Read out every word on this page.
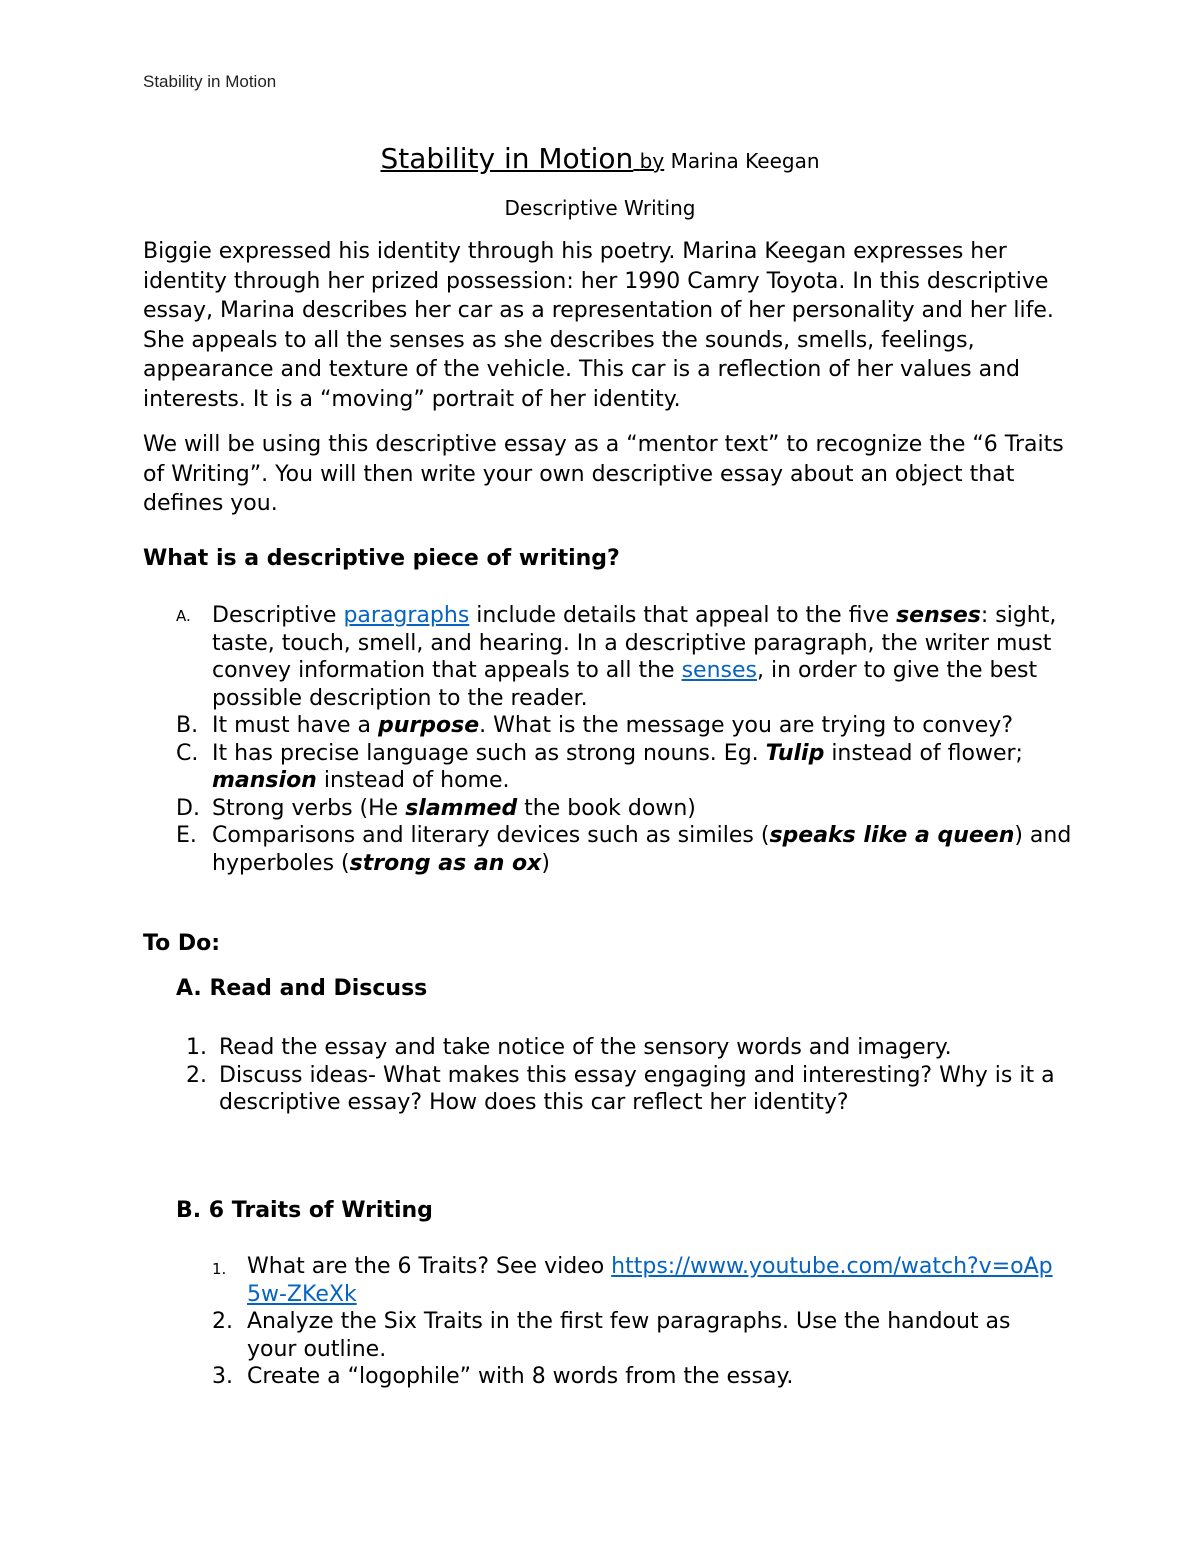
Stability in Motion
Stability in Motion by Marina Keegan
Descriptive Writing

Biggie expressed his identity through his poetry. Marina Keegan expresses her identity through her prized possession: her 1990 Camry Toyota. In this descriptive essay, Marina describes her car as a representation of her personality and her life. She appeals to all the senses as she describes the sounds, smells, feelings, appearance and texture of the vehicle. This car is a reflection of her values and interests. It is a “moving” portrait of her identity.

We will be using this descriptive essay as a “mentor text” to recognize the “6 Traits of Writing”. You will then write your own descriptive essay about an object that defines you.

What is a descriptive piece of writing?
A. Descriptive paragraphs include details that appeal to the five senses: sight, taste, touch, smell, and hearing. In a descriptive paragraph, the writer must convey information that appeals to all the senses, in order to give the best possible description to the reader.
B. It must have a purpose. What is the message you are trying to convey?
C. It has precise language such as strong nouns. Eg. Tulip instead of flower; mansion instead of home.
D. Strong verbs (He slammed the book down)
E. Comparisons and literary devices such as similes (speaks like a queen) and hyperboles (strong as an ox)
To Do:
A. Read and Discuss
1. Read the essay and take notice of the sensory words and imagery.
2. Discuss ideas- What makes this essay engaging and interesting? Why is it a descriptive essay? How does this car reflect her identity?
B. 6 Traits of Writing
1. What are the 6 Traits? See video https://www.youtube.com/watch?v=oAp5w-ZKeXk
2. Analyze the Six Traits in the first few paragraphs. Use the handout as your outline.
3. Create a “logophile” with 8 words from the essay.
